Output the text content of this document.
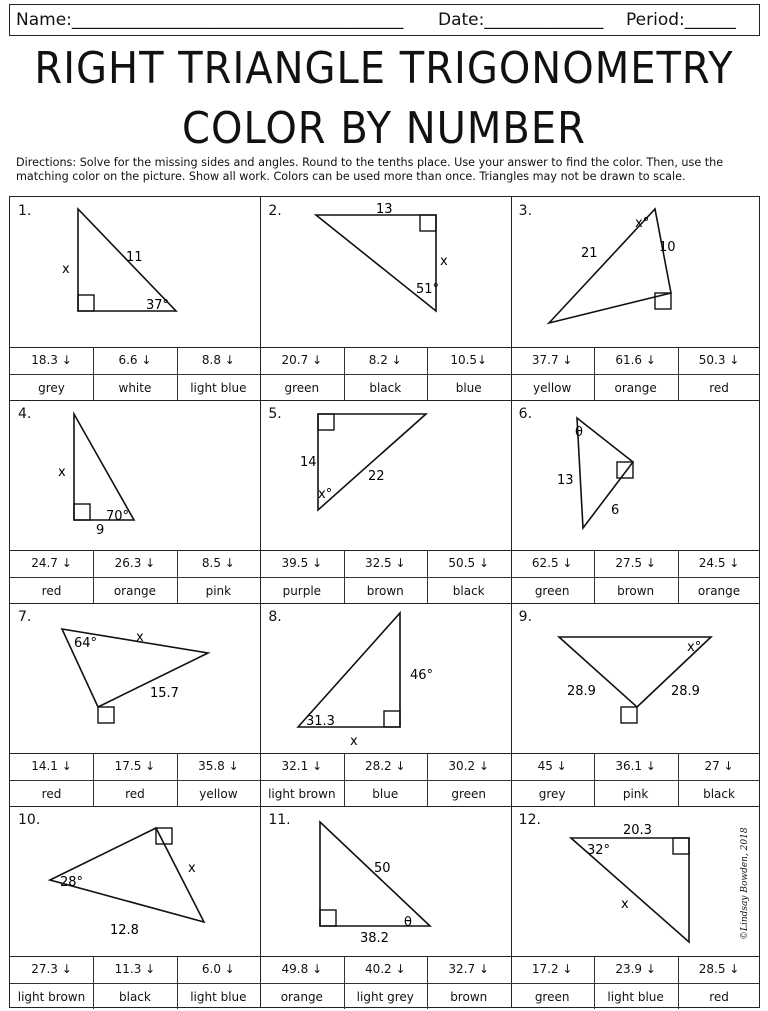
Name:_______________________________________ Date:______________ Period:______
RIGHT TRIANGLE TRIGONOMETRY
COLOR BY NUMBER
Directions: Solve for the missing sides and angles. Round to the tenths place. Use your answer to find the color. Then, use the matching color on the picture. Show all work. Colors can be used more than once. Triangles may not be drawn to scale.
1.
x
11
37°
18.3 ↓
grey
6.6 ↓
white
8.8 ↓
light blue
2.	13
x
51°
20.7 ↓
green
8.2 ↓
black
10.5↓
blue
3.
21	10
x°
37.7 ↓
yellow
61.6 ↓
orange
50.3 ↓
red
4.
x
9
70°
24.7 ↓
red
26.3 ↓
orange
8.5 ↓
pink
5.
14
22
x°
39.5 ↓
purple
32.5 ↓
brown
50.5 ↓
black
6.
θ
13
6
62.5 ↓
green
27.5 ↓
brown
24.5 ↓
orange
7.
64°	x
15.7
14.1 ↓
red
17.5 ↓
red
35.8 ↓
yellow
8.
31.3
46°
x
32.1 ↓
light brown
28.2 ↓
blue
30.2 ↓
green
9.
x°
28.9	28.9
45 ↓
grey
36.1 ↓
pink
27 ↓
black
10.
28°
x
12.8
27.3 ↓
light brown
11.3 ↓
black
6.0 ↓
light blue
11.
50
θ
38.2
49.8 ↓
orange
40.2 ↓
light grey
32.7 ↓
brown
12.
20.3
32°
x
17.2 ↓
green
23.9 ↓
light blue
28.5 ↓
red
©Lindsay Bowden, 2018
